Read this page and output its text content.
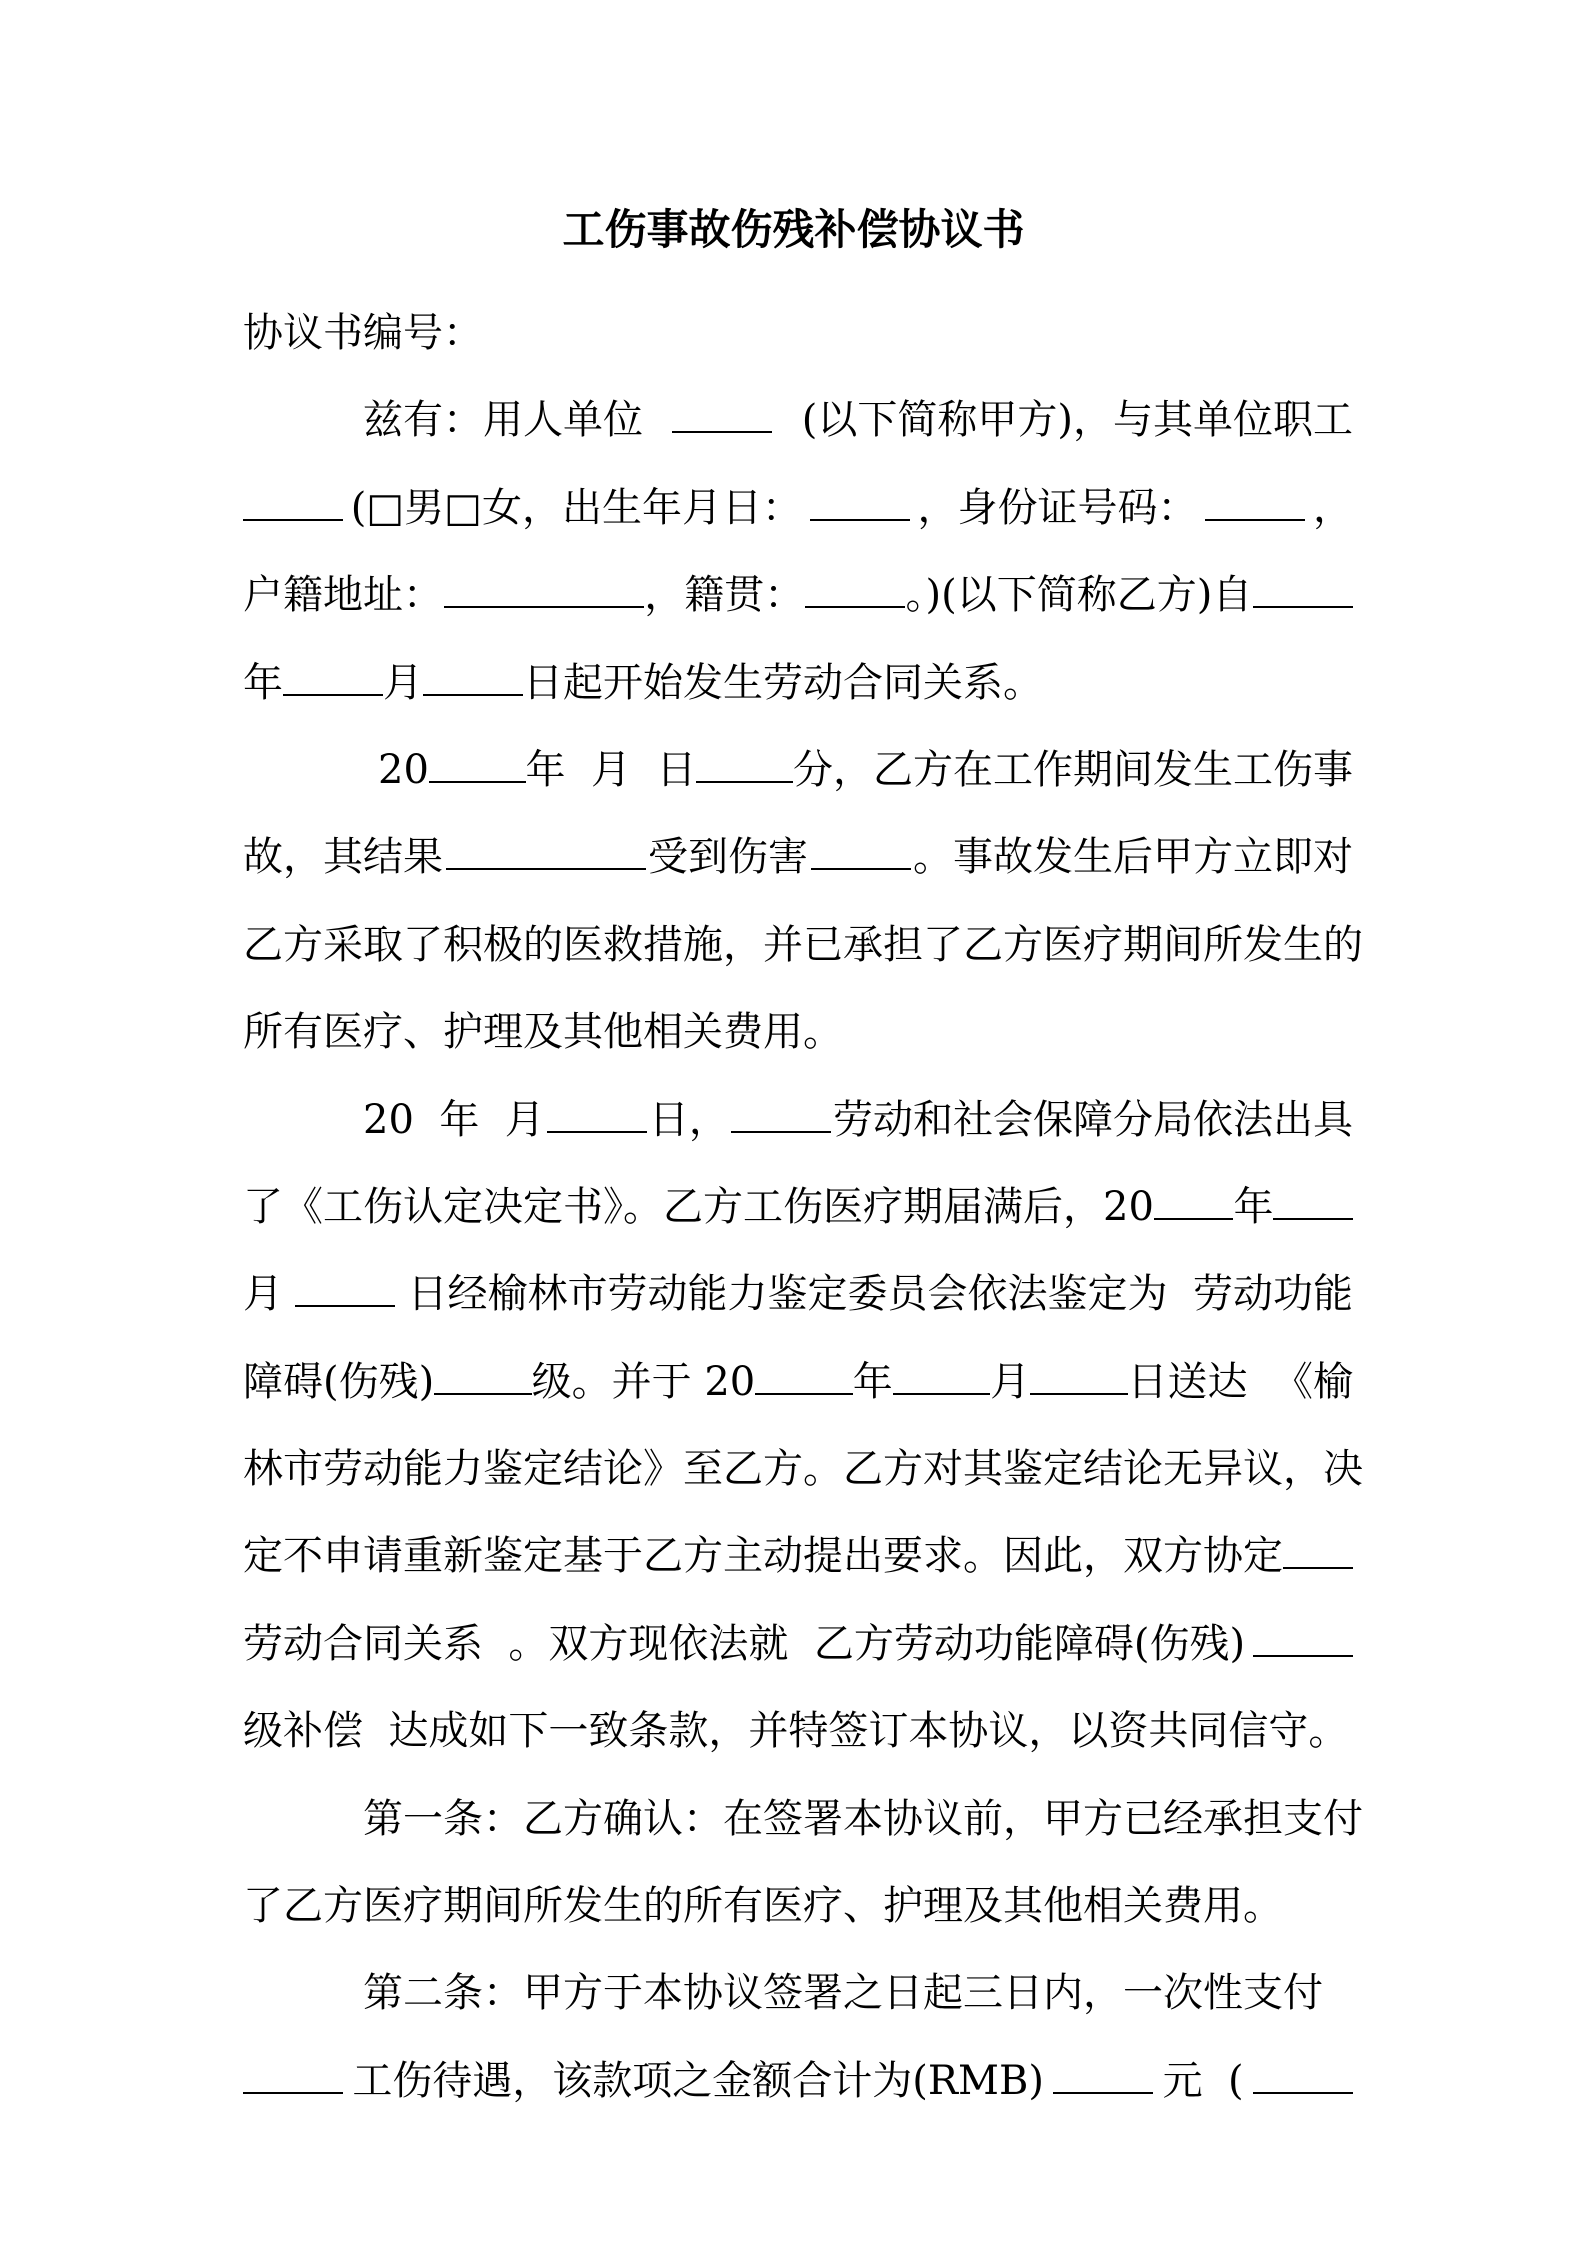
工伤事故伤残补偿协议书
协议书编号：
兹有：用人单位	(以下简称甲方)，与其单位职工
(□男□女，出生年月日：	，身份证号码：	，
户籍地址：	，籍贯：	。)(以下简称乙方)自
年	月	日起开始发生劳动合同关系。
20 年  月  日 分，乙方在工作期间发生工伤事
故，其结果	受到伤害	。事故发生后甲方立即对
乙方采取了积极的医救措施，并已承担了乙方医疗期间所发生的
所有医疗、护理及其他相关费用。
20  年  月	日，	劳动和社会保障分局依法出具
了《工伤认定决定书》。乙方工伤医疗期届满后，20 年
月	日经榆林市劳动能力鉴定委员会依法鉴定为  劳动功能
障碍(伤残) 级。并于 20 年 月 日送达  《榆
林市劳动能力鉴定结论》至乙方。乙方对其鉴定结论无异议，决
定不申请重新鉴定基于乙方主动提出要求。因此，双方协定
劳动合同关系  。双方现依法就  乙方劳动功能障碍(伤残)
级补偿  达成如下一致条款，并特签订本协议，以资共同信守。
第一条：乙方确认：在签署本协议前，甲方已经承担支付
了乙方医疗期间所发生的所有医疗、护理及其他相关费用。
第二条：甲方于本协议签署之日起三日内，一次性支付
工伤待遇，该款项之金额合计为(RMB)	元  (
